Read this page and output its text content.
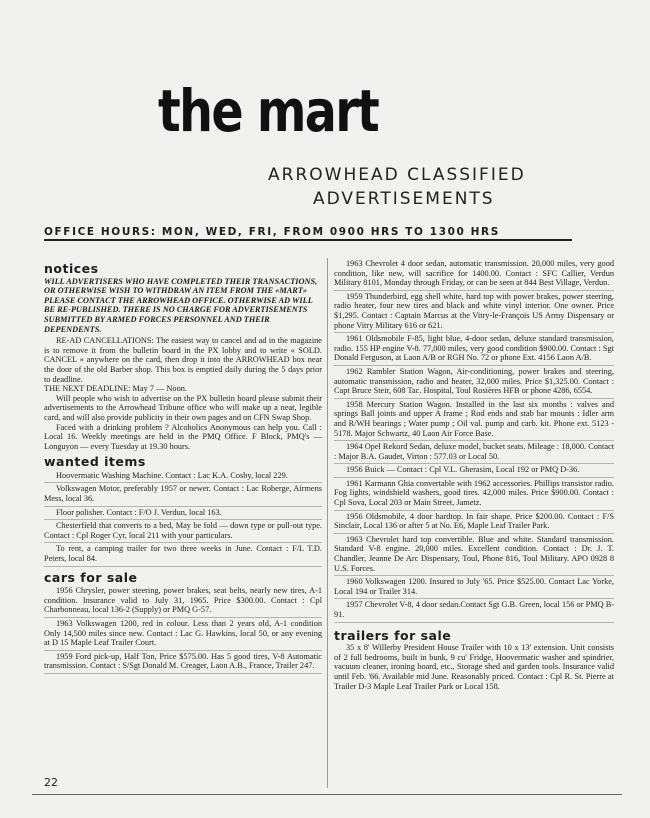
the mart
ARROWHEAD CLASSIFIED
ADVERTISEMENTS
OFFICE HOURS: MON, WED, FRI, FROM 0900 HRS TO 1300 HRS
notices

WILL ADVERTISERS WHO HAVE COMPLETED THEIR TRANSACTIONS, OR OTHERWISE WISH TO WITHDRAW AN ITEM FROM THE «MART» PLEASE CONTACT THE ARROWHEAD OFFICE. OTHERWISE AD WILL BE RE-PUBLISHED. THERE IS NO CHARGE FOR ADVERTISEMENTS SUBMITTED BY ARMED FORCES PERSONNEL AND THEIR DEPENDENTS.

RE-AD CANCELLATIONS: The easiest way to cancel and ad in the magazine is to remove it from the bulletin board in the PX lobby and to write « SOLD. CANCEL » anywhere on the card, then drop it into the ARROWHEAD box near the door of the old Barber shop. This box is emptied daily during the 5 days prior to deadline.

THE NEXT DEADLINE: May 7 — Noon.

Will people who wish to advertise on the PX bulletin board please submit their advertisements to the Arrowhead Tribune office who will make up a neat, legible card, and will also provide publicity in their own pages and on CFN Swap Shop.

Faced with a drinking problem ? Alcoholics Anonymous can help you. Call : Local 16. Weekly meetings are held in the PMQ Office. F Block, PMQ's — Longuyon — every Tuesday at 19.30 hours.

wanted items

Hoovermatic Washing Machine. Contact : Lac K.A. Cosby, local 229.

Volkswagen Motor, preferably 1957 or newer. Contact : Lac Roberge, Airmens Mess, local 36.

Floor polisher. Contact : F/O J. Verdun, local 163.

Chesterfield that converts to a bed, May be fold — down type or pull-out type. Contact : Cpl Roger Cyr, local 211 with your particulars.

To rent, a camping trailer for two three weeks in June. Contact : F/L T.D. Peters, local 84.

cars for sale

1956 Chrysler, power steering, power brakes, seat belts, nearly new tires, A-1 condition. Insurance valid to July 31, 1965. Price $300.00. Contact : Cpl Charbonneau, local 136-2 (Supply) or PMQ G-57.

1963 Volkswagen 1200, red in colour. Less than 2 years old, A-1 condition Only 14,500 miles since new. Contact : Lac G. Hawkins, local 50, or any evening at D 15 Maple Leaf Trailer Court.

1959 Ford pick-up, Half Ton, Price $575.00. Has 5 good tires, V-8 Automatic transmission. Contact : S/Sgt Donald M. Creager, Laon A.B., France, Trailer 247.

1963 Chevrolet 4 door sedan, automatic transmission. 20,000 miles, very good condition, like new, will sacrifice for 1400.00. Contact : SFC Callier, Verdun Military 8101, Monday through Friday, or can be seen at 844 Best Village, Verdun.

1959 Thunderbird, egg shell white, hard top with power brakes, power steering, radio heater, four new tires and black and white vinyl interior. One owner. Price $1,295. Contact : Captain Marcus at the Vitry-le-François US Army Dispensary or phone Vitry Military 616 or 621.

1961 Oldsmobile F-85, light blue, 4-door sedan, deluxe standard transmission, radio. 155 HP engine V-8. 77,000 miles, very good condition $900.00. Contact : Sgt Donald Ferguson, at Laon A/B or RGH No. 72 or phone Ext. 4156 Laon A/B.

1962 Rambler Station Wagon, Air-conditioning, power brakes and steering, automatic transmission, radio and heater, 32,000 miles. Price $1,325.00. Contact : Capt Bruce Steir, 608 Tac. Hospital, Toul Rosières HFB or phone 4286, 6554.

1958 Mercury Station Wagon. Installed in the last six months : valves and springs Ball joints and upper A frame ; Rod ends and stab bar mounts : Idler arm and R/WH bearings ; Water pump ; Oil val. pump and carb. kit. Phone ext. 5123 - 5178. Major Schwartz, 40 Laon Air Force Base.

1964 Opel Rekord Sedan, deluxe model, bucket seats. Mileage : 18,000. Contact : Major B.A. Gaudet, Virton : 577.03 or Local 50.

1956 Buick — Contact : Cpl V.L. Gherasim, Local 192 or PMQ D-36.

1961 Karmann Ghia convertable with 1962 accessories. Phillips transistor radio. Fog lights, windshield washers, good tires. 42,000 miles. Price $900.00. Contact : Cpl Sova, Local 203 or Main Street, Jametz.

1956 Oldsmobile, 4 door hardtop. In fair shape. Price $200.00. Contact : F/S Sinclair, Local 136 or after 5 at No. E6, Maple Leaf Trailer Park.

1963 Chevrolet hard top convertible. Blue and white. Standard transmission. Standard V-8 engine. 20,000 miles. Excellent condition. Contact : Dr. J. T. Chandler, Jeanne De Arc Dispensary, Toul, Phone 816, Toul Military. APO 0928 8 U.S. Forces.

1960 Volkswagen 1200. Insured to July '65. Price $525.00. Contact Lac Yorke, Local 194 or Trailer 314.

1957 Chevrolet V-8, 4 door sedan.Contact Sgt G.B. Green, local 156 or PMQ B-91.

trailers for sale

35 x 8' Willerby President House Trailer with 10 x 13' extension. Unit consists of 2 full bedrooms, built in bunk, 9 cu' Fridge, Hoovermatic washer and spindrier, vacuum cleaner, ironing board, etc., Storage shed and garden tools. Insurance valid until Feb. '66. Available mid June. Reasonably priced. Contact : Cpl R. St. Pierre at Trailer D-3 Maple Leaf Trailer Park or Local 158.

22
